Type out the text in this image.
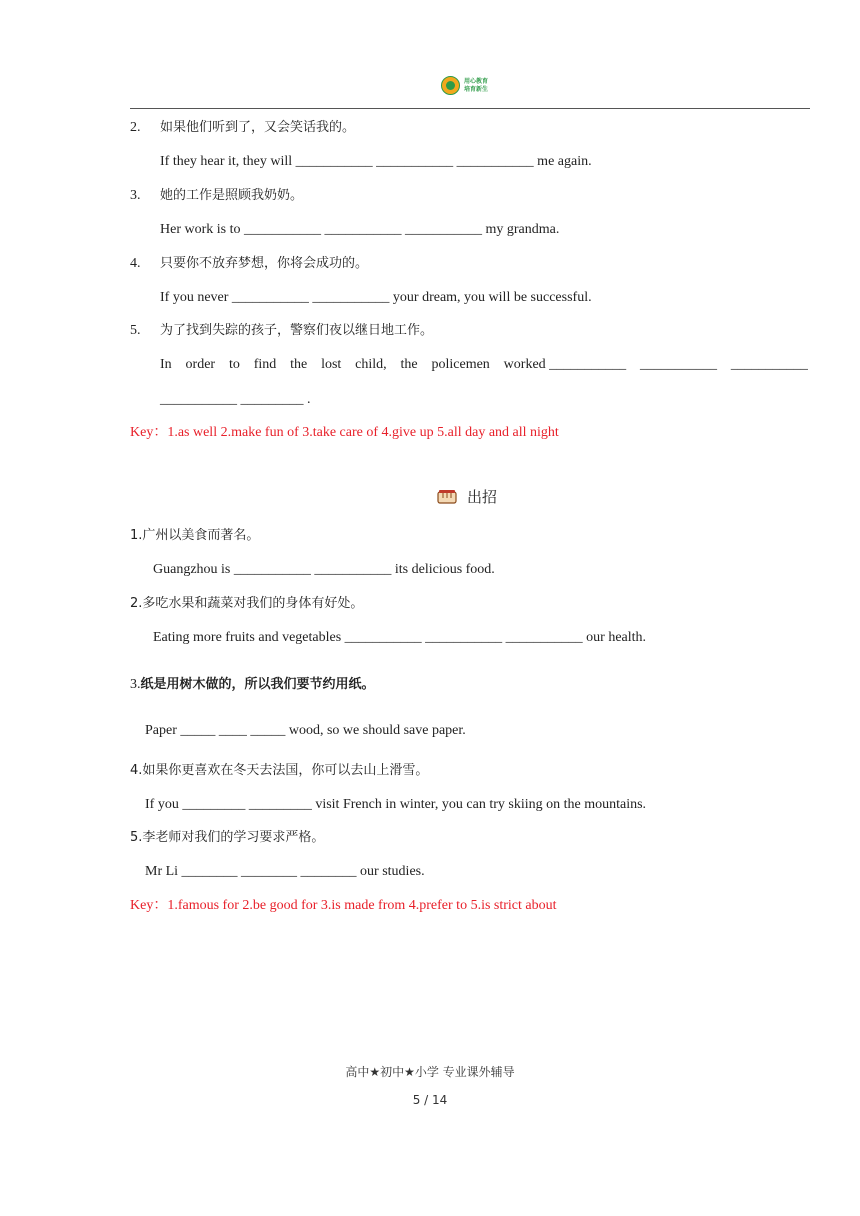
用心教育
培育新生
2. 如果他们听到了，又会笑话我的。
If they hear it, they will ___________ ___________ ___________ me again.
3. 她的工作是照顾我奶奶。
Her work is to ___________ ___________ ___________ my grandma.
4. 只要你不放弃梦想，你将会成功的。
If you never ___________ ___________ your dream, you will be successful.
5. 为了找到失踪的孩子，警察们夜以继日地工作。
In order to find the lost child, the policemen worked ___________ ___________ ___________
___________ _________ .
Key：1.as well 2.make fun of 3.take care of 4.give up 5.all day and all night
出招
1.广州以美食而著名。
Guangzhou is ___________ ___________ its delicious food.
2.多吃水果和蔬菜对我们的身体有好处。
Eating more fruits and vegetables ___________ ___________ ___________ our health.
3.纸是用树木做的，所以我们要节约用纸。
Paper _____ ____ _____ wood, so we should save paper.
4.如果你更喜欢在冬天去法国，你可以去山上滑雪。
If you _________ _________ visit French in winter, you can try skiing on the mountains.
5.李老师对我们的学习要求严格。
Mr Li ________ ________ ________ our studies.
Key：1.famous for 2.be good for 3.is made from 4.prefer to 5.is strict about
高中★初中★小学 专业课外辅导
5 / 14
